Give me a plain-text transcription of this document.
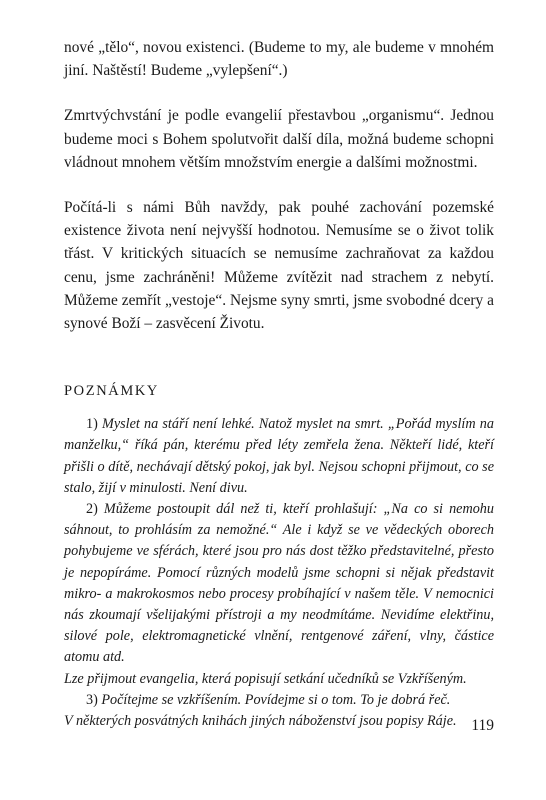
nové „tělo“, novou existenci. (Budeme to my, ale budeme v mnohém jiní. Naštěstí! Budeme „vylepšení“.)

Zmrtvýchvstání je podle evangelií přestavbou „organismu“. Jednou budeme moci s Bohem spolutvořit další díla, možná budeme schopni vládnout mnohem větším množstvím energie a dalšími možnostmi.

Počítá-li s námi Bůh navždy, pak pouhé zachování pozemské existence života není nejvyšší hodnotou. Nemusíme se o život tolik třást. V kritických situacích se nemusíme zachraňovat za každou cenu, jsme zachráněni! Můžeme zvítězit nad strachem z nebytí. Můžeme zemřít „vestoje“. Nejsme syny smrti, jsme svobodné dcery a synové Boží – zasvěcení Životu.

POZNÁMKY

1) Myslet na stáří není lehké. Natož myslet na smrt. „Pořád myslím na manželku,“ říká pán, kterému před léty zemřela žena. Někteří lidé, kteří přišli o dítě, nechávají dětský pokoj, jak byl. Nejsou schopni přijmout, co se stalo, žijí v minulosti. Není divu.

2) Můžeme postoupit dál než ti, kteří prohlašují: „Na co si nemohu sáhnout, to prohlásím za nemožné.“ Ale i když se ve vědeckých oborech pohybujeme ve sférách, které jsou pro nás dost těžko představitelné, přesto je nepopíráme. Pomocí různých modelů jsme schopni si nějak představit mikro- a makrokosmos nebo procesy probíhající v našem těle. V nemocnici nás zkoumají všelijakými přístroji a my neodmítáme. Nevidíme elektřinu, silové pole, elektromagnetické vlnění, rentgenové záření, vlny, částice atomu atd.

Lze přijmout evangelia, která popisují setkání učedníků se Vzkříšeným.

3) Počítejme se vzkříšením. Povídejme si o tom. To je dobrá řeč.

V některých posvátných knihách jiných náboženství jsou popisy Ráje. 119
